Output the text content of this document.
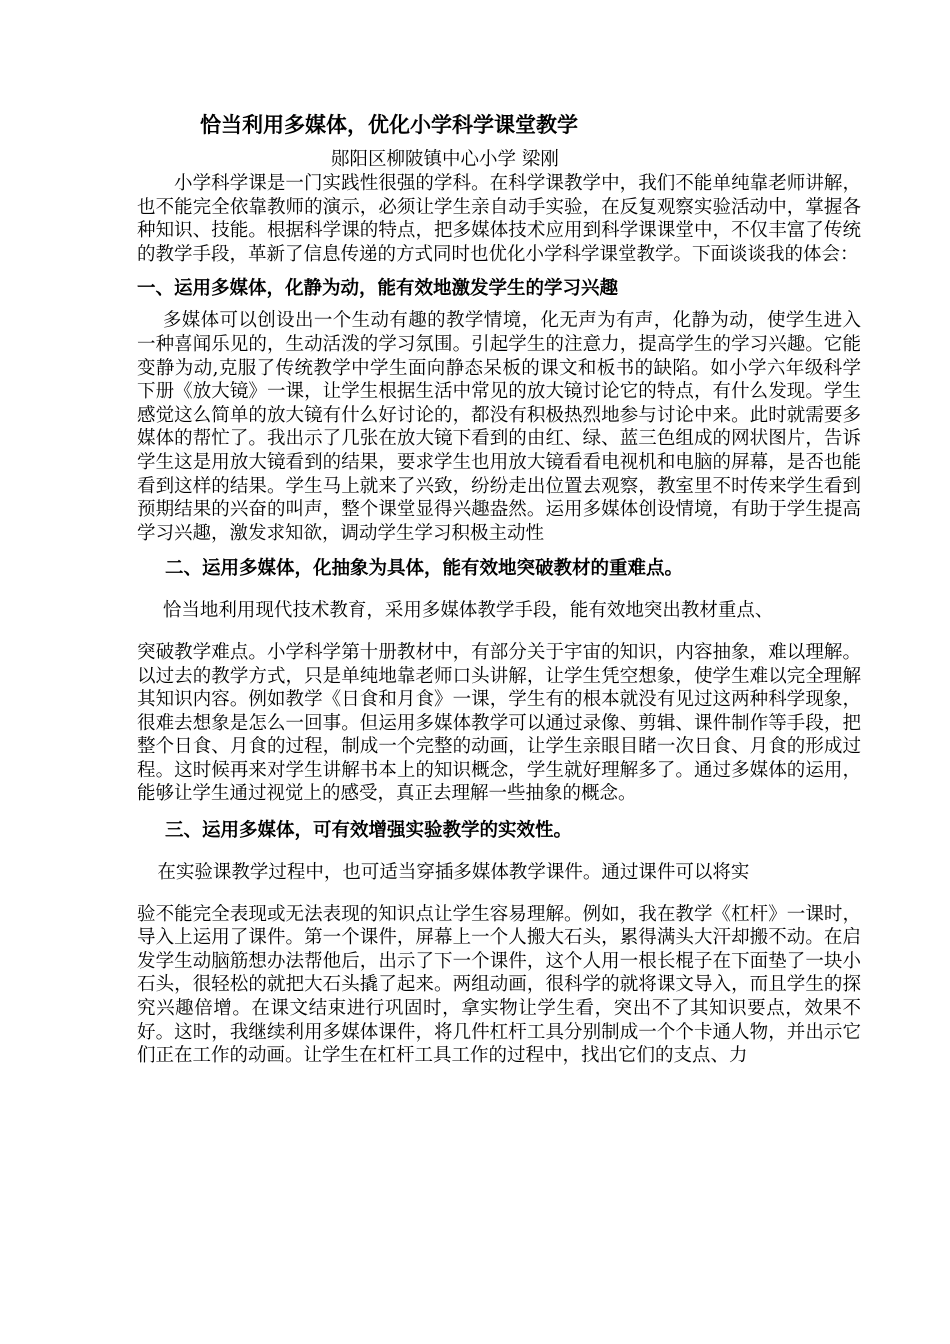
恰当利用多媒体，优化小学科学课堂教学
郧阳区柳陂镇中心小学 梁刚

小学科学课是一门实践性很强的学科。在科学课教学中，我们不能单纯靠老师讲解，也不能完全依靠教师的演示，必须让学生亲自动手实验，在反复观察实验活动中，掌握各种知识、技能。根据科学课的特点，把多媒体技术应用到科学课课堂中，不仅丰富了传统的教学手段，革新了信息传递的方式同时也优化小学科学课堂教学。下面谈谈我的体会：

一、运用多媒体，化静为动，能有效地激发学生的学习兴趣

多媒体可以创设出一个生动有趣的教学情境，化无声为有声，化静为动，使学生进入一种喜闻乐见的，生动活泼的学习氛围。引起学生的注意力，提高学生的学习兴趣。它能变静为动,克服了传统教学中学生面向静态呆板的课文和板书的缺陷。如小学六年级科学下册《放大镜》一课，让学生根据生活中常见的放大镜讨论它的特点，有什么发现。学生感觉这么简单的放大镜有什么好讨论的，都没有积极热烈地参与讨论中来。此时就需要多媒体的帮忙了。我出示了几张在放大镜下看到的由红、绿、蓝三色组成的网状图片，告诉学生这是用放大镜看到的结果，要求学生也用放大镜看看电视机和电脑的屏幕，是否也能看到这样的结果。学生马上就来了兴致，纷纷走出位置去观察，教室里不时传来学生看到预期结果的兴奋的叫声，整个课堂显得兴趣盎然。运用多媒体创设情境，有助于学生提高学习兴趣，激发求知欲，调动学生学习积极主动性

二、运用多媒体，化抽象为具体，能有效地突破教材的重难点。

恰当地利用现代技术教育，采用多媒体教学手段，能有效地突出教材重点、

突破教学难点。小学科学第十册教材中，有部分关于宇宙的知识，内容抽象，难以理解。以过去的教学方式，只是单纯地靠老师口头讲解，让学生凭空想象，使学生难以完全理解其知识内容。例如教学《日食和月食》一课，学生有的根本就没有见过这两种科学现象，很难去想象是怎么一回事。但运用多媒体教学可以通过录像、剪辑、课件制作等手段，把整个日食、月食的过程，制成一个完整的动画，让学生亲眼目睹一次日食、月食的形成过程。这时候再来对学生讲解书本上的知识概念，学生就好理解多了。通过多媒体的运用，能够让学生通过视觉上的感受，真正去理解一些抽象的概念。

三、运用多媒体，可有效增强实验教学的实效性。

在实验课教学过程中，也可适当穿插多媒体教学课件。通过课件可以将实

验不能完全表现或无法表现的知识点让学生容易理解。例如，我在教学《杠杆》一课时，导入上运用了课件。第一个课件，屏幕上一个人搬大石头，累得满头大汗却搬不动。在启发学生动脑筋想办法帮他后，出示了下一个课件，这个人用一根长棍子在下面垫了一块小石头，很轻松的就把大石头撬了起来。两组动画，很科学的就将课文导入，而且学生的探究兴趣倍增。在课文结束进行巩固时，拿实物让学生看，突出不了其知识要点，效果不好。这时，我继续利用多媒体课件，将几件杠杆工具分别制成一个个卡通人物，并出示它们正在工作的动画。让学生在杠杆工具工作的过程中，找出它们的支点、力
